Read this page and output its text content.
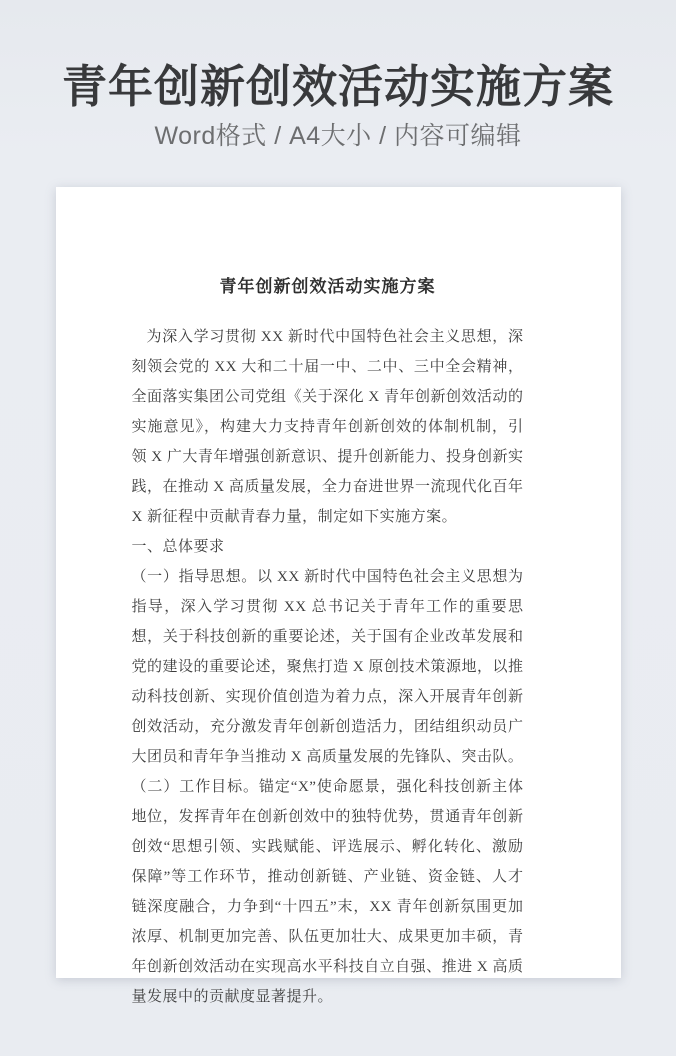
青年创新创效活动实施方案
Word格式 / A4大小 / 内容可编辑
青年创新创效活动实施方案

为深入学习贯彻 XX 新时代中国特色社会主义思想，深刻领会党的 XX 大和二十届一中、二中、三中全会精神，全面落实集团公司党组《关于深化 X 青年创新创效活动的实施意见》，构建大力支持青年创新创效的体制机制，引领 X 广大青年增强创新意识、提升创新能力、投身创新实践，在推动 X 高质量发展，全力奋进世界一流现代化百年 X 新征程中贡献青春力量，制定如下实施方案。

一、总体要求

（一）指导思想。以 XX 新时代中国特色社会主义思想为指导，深入学习贯彻 XX 总书记关于青年工作的重要思想，关于科技创新的重要论述，关于国有企业改革发展和党的建设的重要论述，聚焦打造 X 原创技术策源地，以推动科技创新、实现价值创造为着力点，深入开展青年创新创效活动，充分激发青年创新创造活力，团结组织动员广大团员和青年争当推动 X 高质量发展的先锋队、突击队。

（二）工作目标。锚定“X”使命愿景，强化科技创新主体地位，发挥青年在创新创效中的独特优势，贯通青年创新创效“思想引领、实践赋能、评选展示、孵化转化、激励保障”等工作环节，推动创新链、产业链、资金链、人才链深度融合，力争到“十四五”末，XX 青年创新氛围更加浓厚、机制更加完善、队伍更加壮大、成果更加丰硕，青年创新创效活动在实现高水平科技自立自强、推进 X 高质量发展中的贡献度显著提升。
